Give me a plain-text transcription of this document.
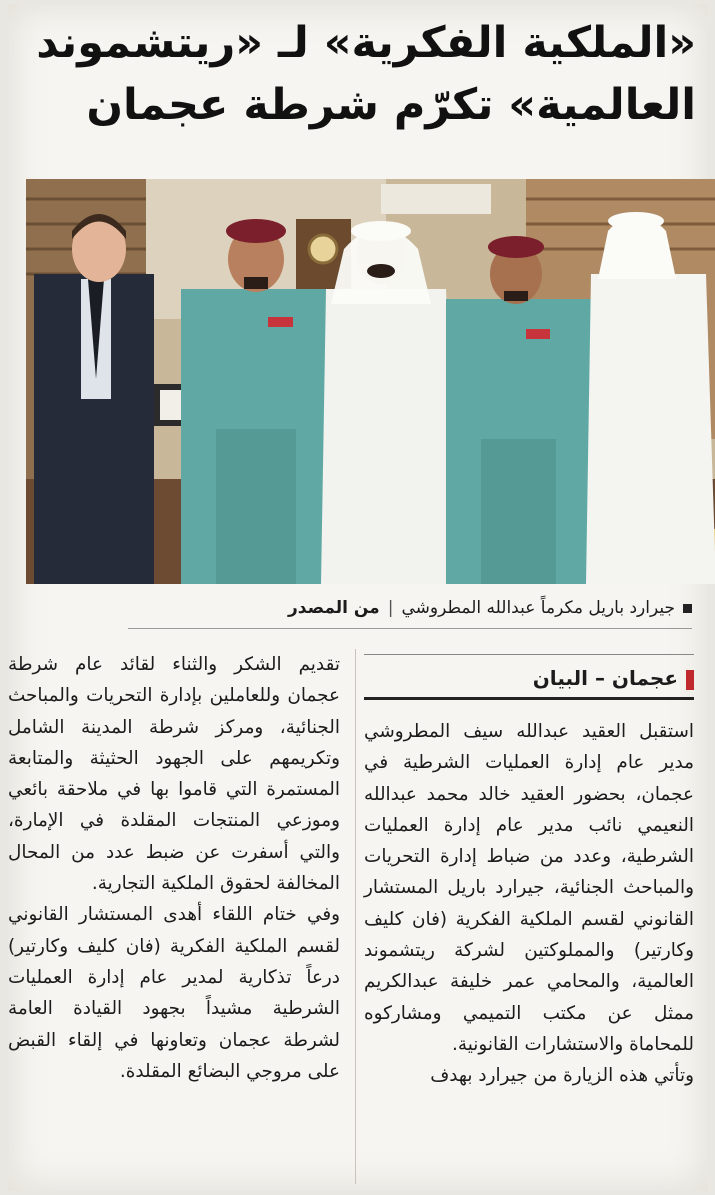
«الملكية الفكرية» لـ «ريتشموند
العالمية» تكرّم شرطة عجمان
جيرارد باريل مكرماً عبدالله المطروشي|من المصدر
عجمان – البيان

استقبل العقيد عبدالله سيف المطروشي مدير عام إدارة العمليات الشرطية في عجمان، بحضور العقيد خالد محمد عبدالله النعيمي نائب مدير عام إدارة العمليات الشرطية، وعدد من ضباط إدارة التحريات والمباحث الجنائية، جيرارد باريل المستشار القانوني لقسم الملكية الفكرية (فان كليف وكارتير) والمملوكتين لشركة ريتشموند العالمية، والمحامي عمر خليفة عبدالكريم ممثل عن مكتب التميمي ومشاركوه للمحاماة والاستشارات القانونية.

وتأتي هذه الزيارة من جيرارد بهدف

تقديم الشكر والثناء لقائد عام شرطة عجمان وللعاملين بإدارة التحريات والمباحث الجنائية، ومركز شرطة المدينة الشامل وتكريمهم على الجهود الحثيثة والمتابعة المستمرة التي قاموا بها في ملاحقة بائعي وموزعي المنتجات المقلدة في الإمارة، والتي أسفرت عن ضبط عدد من المحال المخالفة لحقوق الملكية التجارية.

وفي ختام اللقاء أهدى المستشار القانوني لقسم الملكية الفكرية (فان كليف وكارتير) درعاً تذكارية لمدير عام إدارة العمليات الشرطية مشيداً بجهود القيادة العامة لشرطة عجمان وتعاونها في إلقاء القبض على مروجي البضائع المقلدة.
